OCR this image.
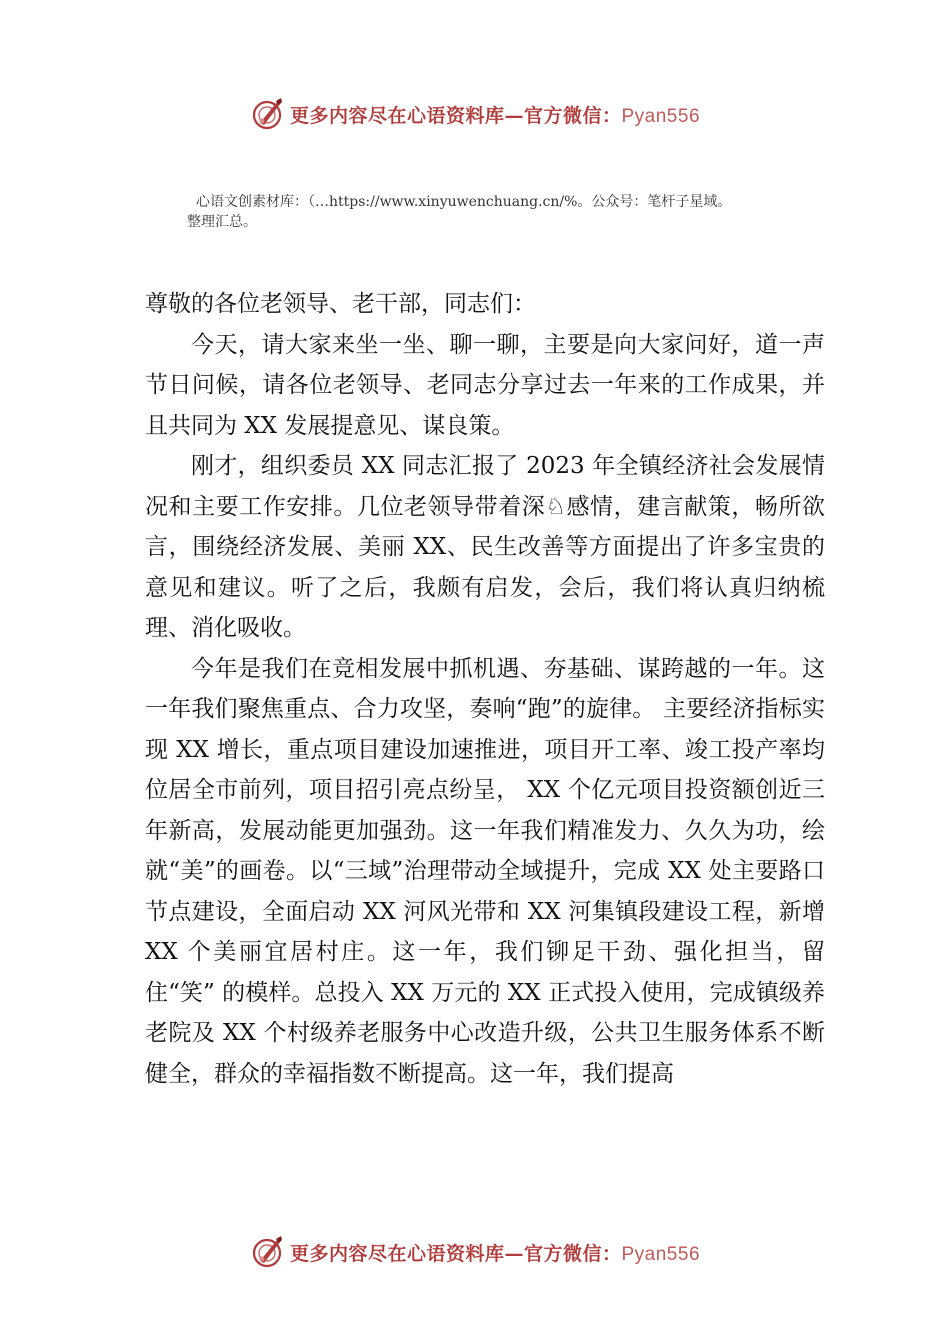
更多内容尽在心语资料库—官方微信：Pyan556
心语文创素材库：（…https://www.xinyuwenchuang.cn/%。公众号：笔杆子星域。
整理汇总。

尊敬的各位老领导、老干部，同志们：

今天，请大家来坐一坐、聊一聊，主要是向大家问好，道一声节日问候，请各位老领导、老同志分享过去一年来的工作成果，并且共同为 XX 发展提意见、谋良策。

刚才，组织委员 XX 同志汇报了 2023 年全镇经济社会发展情况和主要工作安排。几位老领导带着深♘感情，建言献策，畅所欲言，围绕经济发展、美丽 XX、民生改善等方面提出了许多宝贵的意见和建议。听了之后，我颇有启发，会后，我们将认真归纳梳理、消化吸收。

今年是我们在竞相发展中抓机遇、夯基础、谋跨越的一年。这一年我们聚焦重点、合力攻坚，奏响“跑”的旋律。 主要经济指标实现 XX 增长，重点项目建设加速推进，项目开工率、竣工投产率均位居全市前列，项目招引亮点纷呈， XX 个亿元项目投资额创近三年新高，发展动能更加强劲。这一年我们精准发力、久久为功，绘就“美”的画卷。以“三域”治理带动全域提升，完成 XX 处主要路口节点建设，全面启动 XX 河风光带和 XX 河集镇段建设工程，新增 XX 个美丽宜居村庄。这一年，我们铆足干劲、强化担当，留住“笑” 的模样。总投入 XX 万元的 XX 正式投入使用，完成镇级养老院及 XX 个村级养老服务中心改造升级，公共卫生服务体系不断健全，群众的幸福指数不断提高。这一年，我们提高

更多内容尽在心语资料库—官方微信：Pyan556
